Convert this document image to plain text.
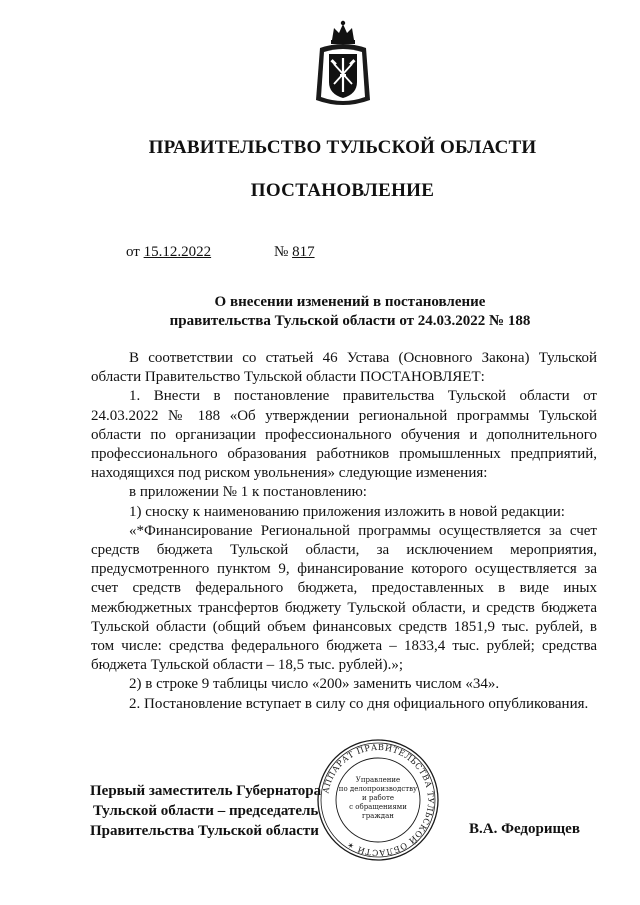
ПРАВИТЕЛЬСТВО ТУЛЬСКОЙ ОБЛАСТИ
ПОСТАНОВЛЕНИЕ
от 15.12.2022	№ 817
О внесении изменений в постановление
правительства Тульской области от 24.03.2022 № 188

В соответствии со статьей 46 Устава (Основного Закона) Тульской области Правительство Тульской области ПОСТАНОВЛЯЕТ:

1. Внести в постановление правительства Тульской области от 24.03.2022 № 188 «Об утверждении региональной программы Тульской области по организации профессионального обучения и дополнительного профессионального образования работников промышленных предприятий, находящихся под риском увольнения» следующие изменения:

в приложении № 1 к постановлению:

1) сноску к наименованию приложения изложить в новой редакции:

«*Финансирование Региональной программы осуществляется за счет средств бюджета Тульской области, за исключением мероприятия, предусмотренного пунктом 9, финансирование которого осуществляется за счет средств федерального бюджета, предоставленных в виде иных межбюджетных трансфертов бюджету Тульской области, и средств бюджета Тульской области (общий объем финансовых средств 1851,9 тыс. рублей, в том числе: средства федерального бюджета – 1833,4 тыс. рублей; средства бюджета Тульской области – 18,5 тыс. рублей).»;

2) в строке 9 таблицы число «200» заменить числом «34».

2. Постановление вступает в силу со дня официального опубликования.

Первый заместитель Губернатора
Тульской области – председатель
Правительства Тульской области	В.А. Федорищев
АППАРАТ ПРАВИТЕЛЬСТВА ТУЛЬСКОЙ ОБЛАСТИ ✶
Управление
по делопроизводству
и работе
с обращениями
граждан
